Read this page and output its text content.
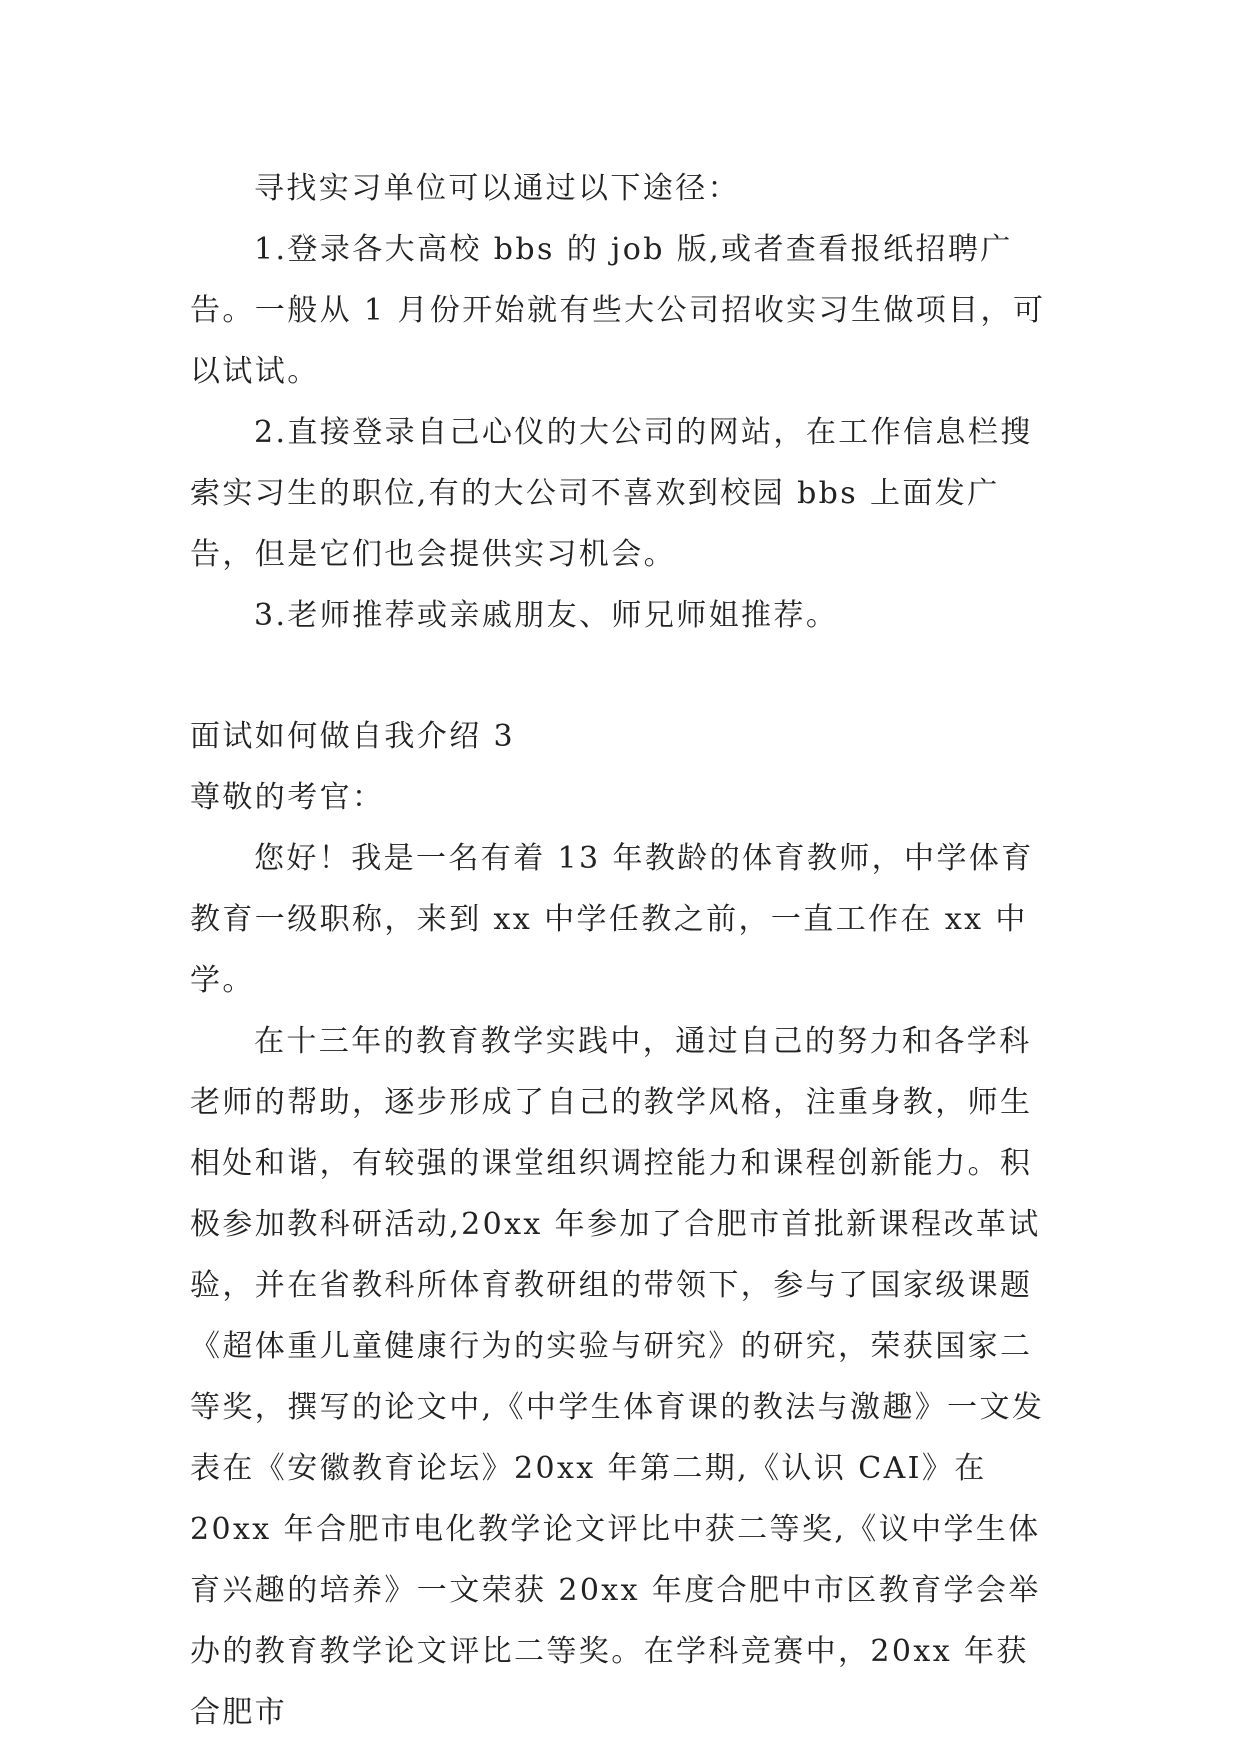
寻找实习单位可以通过以下途径：

1.登录各大高校 bbs 的 job 版,或者查看报纸招聘广告。一般从 1 月份开始就有些大公司招收实习生做项目，可以试试。

2.直接登录自己心仪的大公司的网站，在工作信息栏搜索实习生的职位,有的大公司不喜欢到校园 bbs 上面发广告，但是它们也会提供实习机会。

3.老师推荐或亲戚朋友、师兄师姐推荐。

面试如何做自我介绍 3

尊敬的考官：

您好！我是一名有着 13 年教龄的体育教师，中学体育教育一级职称，来到 xx 中学任教之前，一直工作在 xx 中学。

在十三年的教育教学实践中，通过自己的努力和各学科老师的帮助，逐步形成了自己的教学风格，注重身教，师生相处和谐，有较强的课堂组织调控能力和课程创新能力。积极参加教科研活动,20xx 年参加了合肥市首批新课程改革试验，并在省教科所体育教研组的带领下，参与了国家级课题《超体重儿童健康行为的实验与研究》的研究，荣获国家二等奖，撰写的论文中,《中学生体育课的教法与激趣》一文发表在《安徽教育论坛》20xx 年第二期,《认识 CAI》在 20xx 年合肥市电化教学论文评比中获二等奖,《议中学生体育兴趣的培养》一文荣获 20xx 年度合肥中市区教育学会举办的教育教学论文评比二等奖。在学科竞赛中，20xx 年获合肥市
